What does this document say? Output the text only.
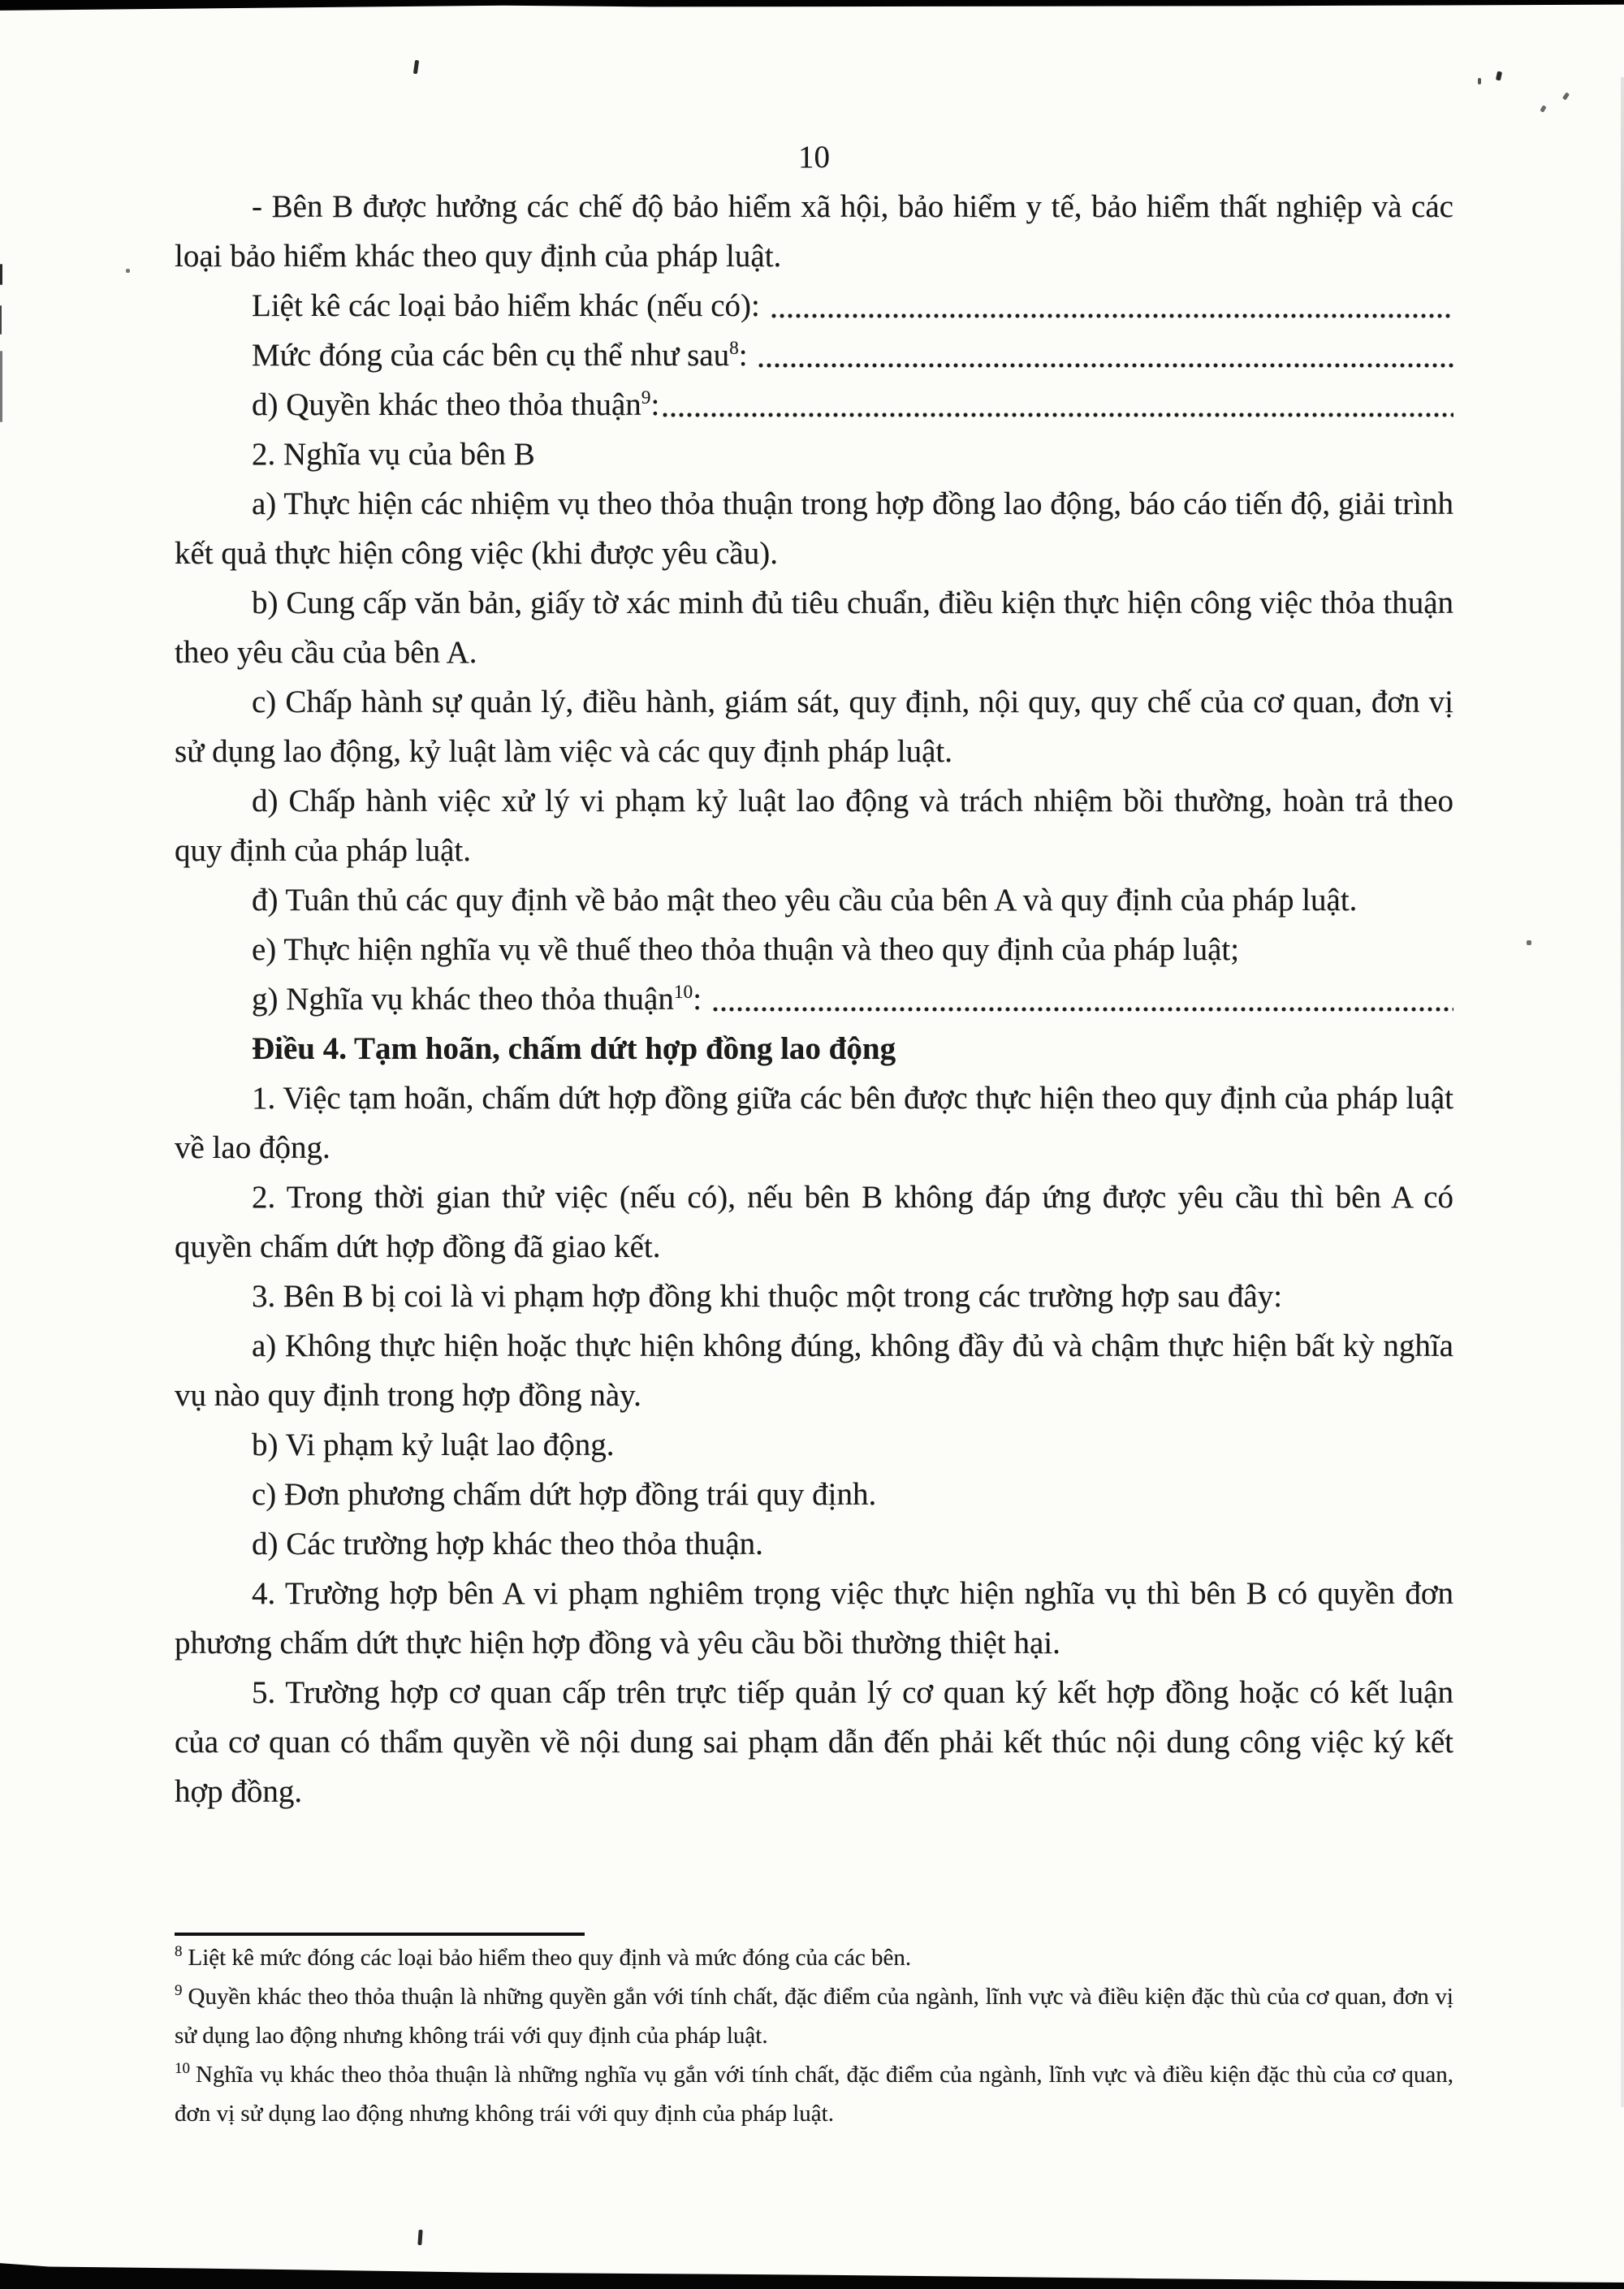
10

- Bên B được hưởng các chế độ bảo hiểm xã hội, bảo hiểm y tế, bảo hiểm thất nghiệp và các loại bảo hiểm khác theo quy định của pháp luật.

Liệt kê các loại bảo hiểm khác (nếu có):

Mức đóng của các bên cụ thể như sau$^8$:

d) Quyền khác theo thỏa thuận$^9$:

2. Nghĩa vụ của bên B

a) Thực hiện các nhiệm vụ theo thỏa thuận trong hợp đồng lao động, báo cáo tiến độ, giải trình kết quả thực hiện công việc (khi được yêu cầu).

b) Cung cấp văn bản, giấy tờ xác minh đủ tiêu chuẩn, điều kiện thực hiện công việc thỏa thuận theo yêu cầu của bên A.

c) Chấp hành sự quản lý, điều hành, giám sát, quy định, nội quy, quy chế của cơ quan, đơn vị sử dụng lao động, kỷ luật làm việc và các quy định pháp luật.

d) Chấp hành việc xử lý vi phạm kỷ luật lao động và trách nhiệm bồi thường, hoàn trả theo quy định của pháp luật.

đ) Tuân thủ các quy định về bảo mật theo yêu cầu của bên A và quy định của pháp luật.

e) Thực hiện nghĩa vụ về thuế theo thỏa thuận và theo quy định của pháp luật;

g) Nghĩa vụ khác theo thỏa thuận$^{10}$:

Điều 4. Tạm hoãn, chấm dứt hợp đồng lao động

1. Việc tạm hoãn, chấm dứt hợp đồng giữa các bên được thực hiện theo quy định của pháp luật về lao động.

2. Trong thời gian thử việc (nếu có), nếu bên B không đáp ứng được yêu cầu thì bên A có quyền chấm dứt hợp đồng đã giao kết.

3. Bên B bị coi là vi phạm hợp đồng khi thuộc một trong các trường hợp sau đây:

a) Không thực hiện hoặc thực hiện không đúng, không đầy đủ và chậm thực hiện bất kỳ nghĩa vụ nào quy định trong hợp đồng này.

b) Vi phạm kỷ luật lao động.

c) Đơn phương chấm dứt hợp đồng trái quy định.

d) Các trường hợp khác theo thỏa thuận.

4. Trường hợp bên A vi phạm nghiêm trọng việc thực hiện nghĩa vụ thì bên B có quyền đơn phương chấm dứt thực hiện hợp đồng và yêu cầu bồi thường thiệt hại.

5. Trường hợp cơ quan cấp trên trực tiếp quản lý cơ quan ký kết hợp đồng hoặc có kết luận của cơ quan có thẩm quyền về nội dung sai phạm dẫn đến phải kết thúc nội dung công việc ký kết hợp đồng.

$^8$ Liệt kê mức đóng các loại bảo hiểm theo quy định và mức đóng của các bên.

$^9$ Quyền khác theo thỏa thuận là những quyền gắn với tính chất, đặc điểm của ngành, lĩnh vực và điều kiện đặc thù của cơ quan, đơn vị sử dụng lao động nhưng không trái với quy định của pháp luật.

$^{10}$ Nghĩa vụ khác theo thỏa thuận là những nghĩa vụ gắn với tính chất, đặc điểm của ngành, lĩnh vực và điều kiện đặc thù của cơ quan, đơn vị sử dụng lao động nhưng không trái với quy định của pháp luật.
